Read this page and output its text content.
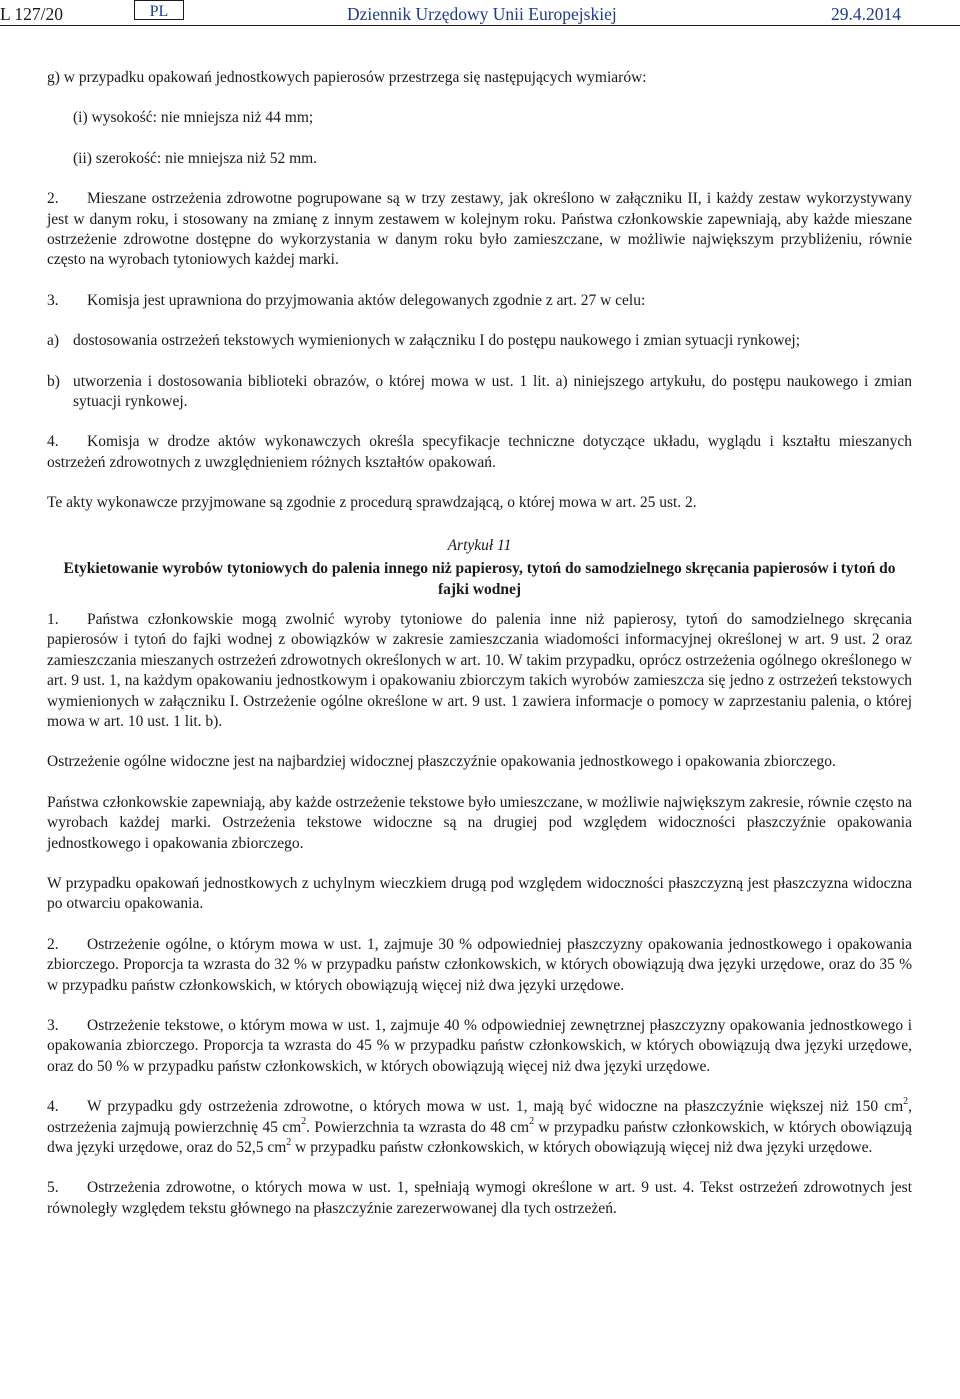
L 127/20	PL	Dziennik Urzędowy Unii Europejskiej	29.4.2014

g) w przypadku opakowań jednostkowych papierosów przestrzega się następujących wymiarów:

(i) wysokość: nie mniejsza niż 44 mm;

(ii) szerokość: nie mniejsza niż 52 mm.

2. Mieszane ostrzeżenia zdrowotne pogrupowane są w trzy zestawy, jak określono w załączniku II, i każdy zestaw wykorzystywany jest w danym roku, i stosowany na zmianę z innym zestawem w kolejnym roku. Państwa członkowskie zapewniają, aby każde mieszane ostrzeżenie zdrowotne dostępne do wykorzystania w danym roku było zamieszczane, w możliwie największym przybliżeniu, równie często na wyrobach tytoniowych każdej marki.

3. Komisja jest uprawniona do przyjmowania aktów delegowanych zgodnie z art. 27 w celu:

a) dostosowania ostrzeżeń tekstowych wymienionych w załączniku I do postępu naukowego i zmian sytuacji rynkowej;
b) utworzenia i dostosowania biblioteki obrazów, o której mowa w ust. 1 lit. a) niniejszego artykułu, do postępu naukowego i zmian sytuacji rynkowej.

4. Komisja w drodze aktów wykonawczych określa specyfikacje techniczne dotyczące układu, wyglądu i kształtu mieszanych ostrzeżeń zdrowotnych z uwzględnieniem różnych kształtów opakowań.

Te akty wykonawcze przyjmowane są zgodnie z procedurą sprawdzającą, o której mowa w art. 25 ust. 2.

Artykuł 11

Etykietowanie wyrobów tytoniowych do palenia innego niż papierosy, tytoń do samodzielnego skręcania papierosów i tytoń do fajki wodnej

1. Państwa członkowskie mogą zwolnić wyroby tytoniowe do palenia inne niż papierosy, tytoń do samodzielnego skręcania papierosów i tytoń do fajki wodnej z obowiązków w zakresie zamieszczania wiadomości informacyjnej określonej w art. 9 ust. 2 oraz zamieszczania mieszanych ostrzeżeń zdrowotnych określonych w art. 10. W takim przypadku, oprócz ostrzeżenia ogólnego określonego w art. 9 ust. 1, na każdym opakowaniu jednostkowym i opakowaniu zbiorczym takich wyrobów zamieszcza się jedno z ostrzeżeń tekstowych wymienionych w załączniku I. Ostrzeżenie ogólne określone w art. 9 ust. 1 zawiera informacje o pomocy w zaprzestaniu palenia, o której mowa w art. 10 ust. 1 lit. b).

Ostrzeżenie ogólne widoczne jest na najbardziej widocznej płaszczyźnie opakowania jednostkowego i opakowania zbiorczego.

Państwa członkowskie zapewniają, aby każde ostrzeżenie tekstowe było umieszczane, w możliwie największym zakresie, równie często na wyrobach każdej marki. Ostrzeżenia tekstowe widoczne są na drugiej pod względem widoczności płaszczyźnie opakowania jednostkowego i opakowania zbiorczego.

W przypadku opakowań jednostkowych z uchylnym wieczkiem drugą pod względem widoczności płaszczyzną jest płaszczyzna widoczna po otwarciu opakowania.

2. Ostrzeżenie ogólne, o którym mowa w ust. 1, zajmuje 30 % odpowiedniej płaszczyzny opakowania jednostkowego i opakowania zbiorczego. Proporcja ta wzrasta do 32 % w przypadku państw członkowskich, w których obowiązują dwa języki urzędowe, oraz do 35 % w przypadku państw członkowskich, w których obowiązują więcej niż dwa języki urzędowe.

3. Ostrzeżenie tekstowe, o którym mowa w ust. 1, zajmuje 40 % odpowiedniej zewnętrznej płaszczyzny opakowania jednostkowego i opakowania zbiorczego. Proporcja ta wzrasta do 45 % w przypadku państw członkowskich, w których obowiązują dwa języki urzędowe, oraz do 50 % w przypadku państw członkowskich, w których obowiązują więcej niż dwa języki urzędowe.

4. W przypadku gdy ostrzeżenia zdrowotne, o których mowa w ust. 1, mają być widoczne na płaszczyźnie większej niż 150 $cm^2$, ostrzeżenia zajmują powierzchnię 45 $cm^2$. Powierzchnia ta wzrasta do 48 $cm^2$ w przypadku państw członkowskich, w których obowiązują dwa języki urzędowe, oraz do 52,5 $cm^2$ w przypadku państw członkowskich, w których obowiązują więcej niż dwa języki urzędowe.

5. Ostrzeżenia zdrowotne, o których mowa w ust. 1, spełniają wymogi określone w art. 9 ust. 4. Tekst ostrzeżeń zdrowotnych jest równoległy względem tekstu głównego na płaszczyźnie zarezerwowanej dla tych ostrzeżeń.
